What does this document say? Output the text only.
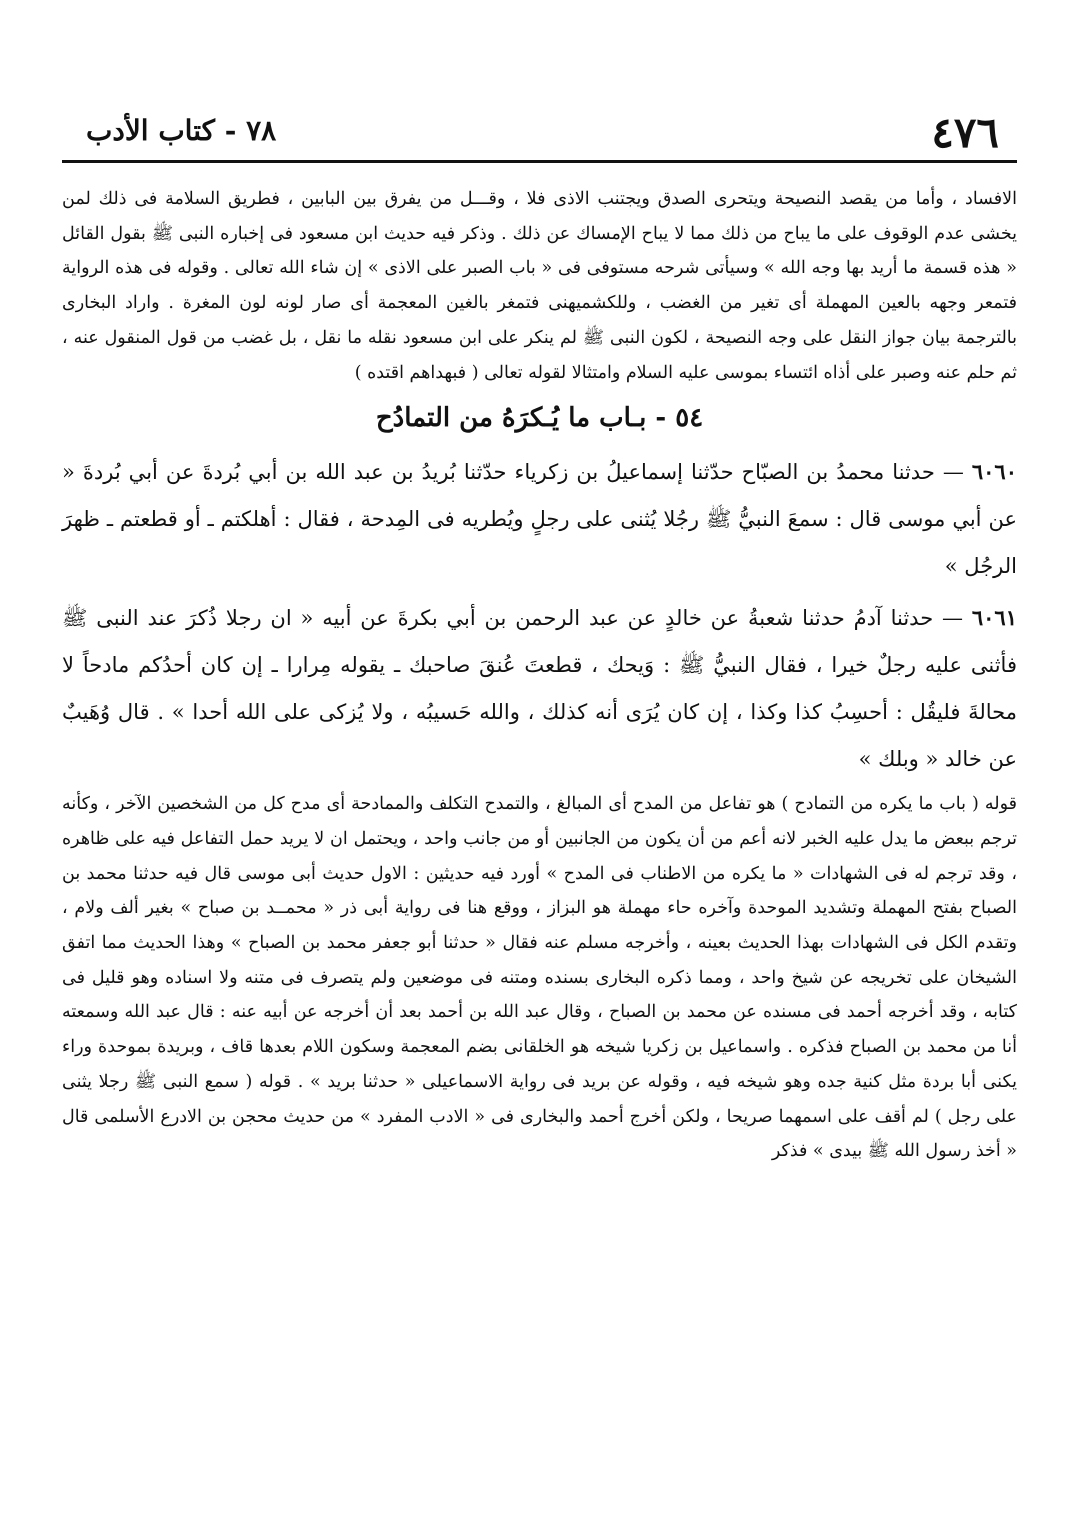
٤٧٦
٧٨ - كتاب الأدب

الافساد ، وأما من يقصد النصيحة ويتحرى الصدق ويجتنب الاذى فلا ، وقـــل من يفرق بين البابين ، فطريق السلامة فى ذلك لمن يخشى عدم الوقوف على ما يباح من ذلك مما لا يباح الإمساك عن ذلك . وذكر فيه حديث ابن مسعود فى إخباره النبى ﷺ بقول القائل « هذه قسمة ما أريد بها وجه الله » وسيأتى شرحه مستوفى فى « باب الصبر على الاذى » إن شاء الله تعالى . وقوله فى هذه الرواية فتمعر وجهه بالعين المهملة أى تغير من الغضب ، وللكشميهنى فتمغر بالغين المعجمة أى صار لونه لون المغرة . واراد البخارى بالترجمة بيان جواز النقل على وجه النصيحة ، لكون النبى ﷺ لم ينكر على ابن مسعود نقله ما نقل ، بل غضب من قول المنقول عنه ، ثم حلم عنه وصبر على أذاه ائتساء بموسى عليه السلام وامتثالا لقوله تعالى ( فبهداهم اقتده )

٥٤ - بـاب ما يُـكرَهُ من التمادُح

٦٠٦٠ — حدثنا محمدُ بن الصبّاح حدّثنا إسماعيلُ بن زكرياء حدّثنا بُريدُ بن عبد الله بن أبي بُردةَ عن أبي بُردةَ « عن أبي موسى قال : سمعَ النبيُّ ﷺ رجُلا يُثنى على رجلٍ ويُطريه فى المِدحة ، فقال : أهلكتم ـ أو قطعتم ـ ظهرَ الرجُل »

٦٠٦١ — حدثنا آدمُ حدثنا شعبةُ عن خالدٍ عن عبد الرحمن بن أبي بكرةَ عن أبيه « ان رجلا ذُكرَ عند النبى ﷺ فأثنى عليه رجلٌ خيرا ، فقال النبيُّ ﷺ : وَيحك ، قطعتَ عُنقَ صاحبك ـ يقوله مِرارا ـ إن كان أحدُكم مادحاً لا محالةَ فليقُل : أحسِبُ كذا وكذا ، إن كان يُرَى أنه كذلك ، والله حَسيبُه ، ولا يُزكى على الله أحدا » . قال وُهَيبٌ عن خالد « وبلك »

قوله ( باب ما يكره من التمادح ) هو تفاعل من المدح أى المبالغ ، والتمدح التكلف والممادحة أى مدح كل من الشخصين الآخر ، وكأنه ترجم ببعض ما يدل عليه الخبر لانه أعم من أن يكون من الجانبين أو من جانب واحد ، ويحتمل ان لا يريد حمل التفاعل فيه على ظاهره ، وقد ترجم له فى الشهادات « ما يكره من الاطناب فى المدح » أورد فيه حديثين : الاول حديث أبى موسى قال فيه حدثنا محمد بن الصباح بفتح المهملة وتشديد الموحدة وآخره حاء مهملة هو البزاز ، ووقع هنا فى رواية أبى ذر « محمــد بن صباح » بغير ألف ولام ، وتقدم الكل فى الشهادات بهذا الحديث بعينه ، وأخرجه مسلم عنه فقال « حدثنا أبو جعفر محمد بن الصباح » وهذا الحديث مما اتفق الشيخان على تخريجه عن شيخ واحد ، ومما ذكره البخارى بسنده ومتنه فى موضعين ولم يتصرف فى متنه ولا اسناده وهو قليل فى كتابه ، وقد أخرجه أحمد فى مسنده عن محمد بن الصباح ، وقال عبد الله بن أحمد بعد أن أخرجه عن أبيه عنه : قال عبد الله وسمعته أنا من محمد بن الصباح فذكره . واسماعيل بن زكريا شيخه هو الخلقانى بضم المعجمة وسكون اللام بعدها قاف ، وبريدة بموحدة وراء يكنى أبا بردة مثل كنية جده وهو شيخه فيه ، وقوله عن بريد فى رواية الاسماعيلى « حدثنا بريد » . قوله ( سمع النبى ﷺ رجلا يثنى على رجل ) لم أقف على اسمهما صريحا ، ولكن أخرج أحمد والبخارى فى « الادب المفرد » من حديث محجن بن الادرع الأسلمى قال « أخذ رسول الله ﷺ بيدى » فذكر
